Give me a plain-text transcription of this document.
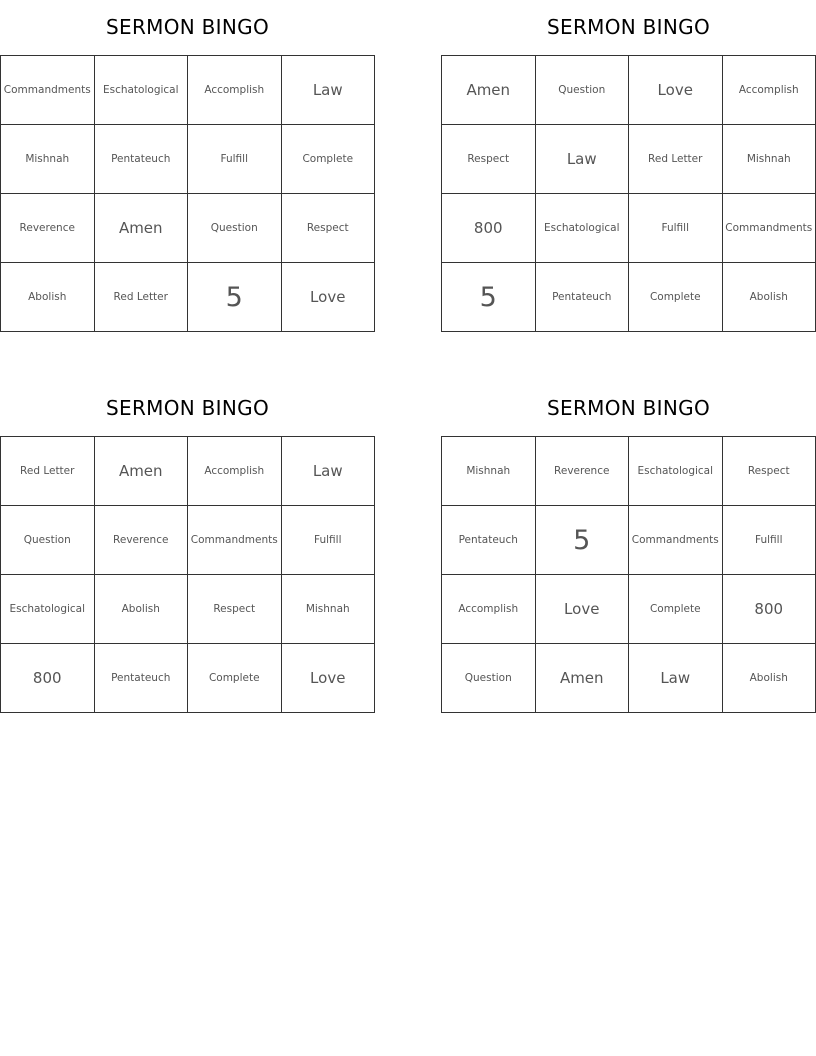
SERMON BINGO
Commandments	Eschatological	Accomplish	Law
Mishnah	Pentateuch	Fulfill	Complete
Reverence	Amen	Question	Respect
Abolish	Red Letter	5	Love
SERMON BINGO
Amen	Question	Love	Accomplish
Respect	Law	Red Letter	Mishnah
800	Eschatological	Fulfill	Commandments
5	Pentateuch	Complete	Abolish
SERMON BINGO
Red Letter	Amen	Accomplish	Law
Question	Reverence	Commandments	Fulfill
Eschatological	Abolish	Respect	Mishnah
800	Pentateuch	Complete	Love
SERMON BINGO
Mishnah	Reverence	Eschatological	Respect
Pentateuch	5	Commandments	Fulfill
Accomplish	Love	Complete	800
Question	Amen	Law	Abolish
